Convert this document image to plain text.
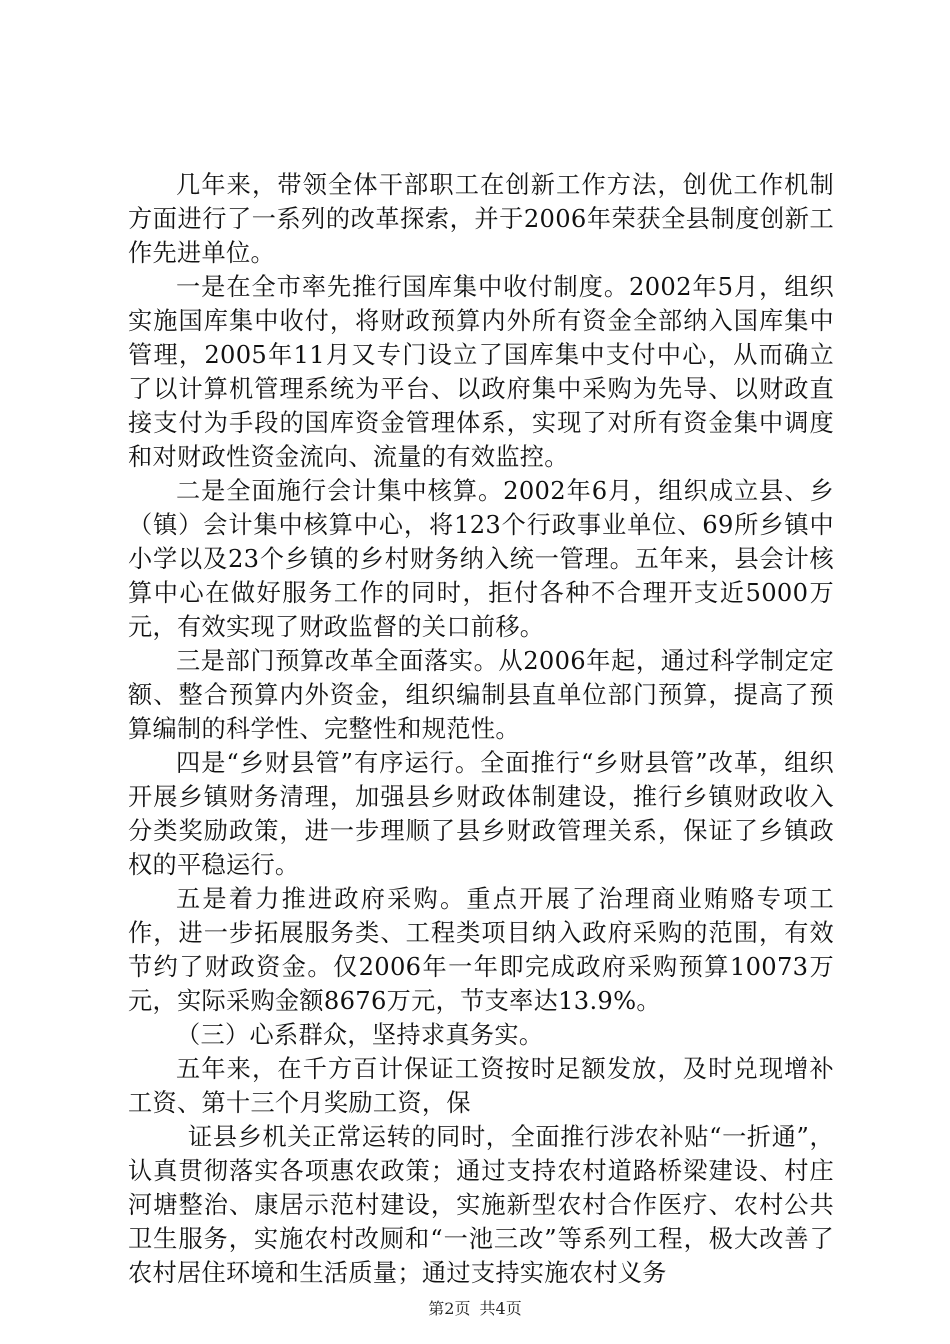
几年来，带领全体干部职工在创新工作方法，创优工作机制方面进行了一系列的改革探索，并于2006年荣获全县制度创新工作先进单位。

一是在全市率先推行国库集中收付制度。2002年5月，组织实施国库集中收付，将财政预算内外所有资金全部纳入国库集中管理，2005年11月又专门设立了国库集中支付中心，从而确立了以计算机管理系统为平台、以政府集中采购为先导、以财政直接支付为手段的国库资金管理体系，实现了对所有资金集中调度和对财政性资金流向、流量的有效监控。

二是全面施行会计集中核算。2002年6月，组织成立县、乡（镇）会计集中核算中心，将123个行政事业单位、69所乡镇中小学以及23个乡镇的乡村财务纳入统一管理。五年来，县会计核算中心在做好服务工作的同时，拒付各种不合理开支近5000万元，有效实现了财政监督的关口前移。

三是部门预算改革全面落实。从2006年起，通过科学制定定额、整合预算内外资金，组织编制县直单位部门预算，提高了预算编制的科学性、完整性和规范性。

四是“乡财县管”有序运行。全面推行“乡财县管”改革，组织开展乡镇财务清理，加强县乡财政体制建设，推行乡镇财政收入分类奖励政策，进一步理顺了县乡财政管理关系，保证了乡镇政权的平稳运行。

五是着力推进政府采购。重点开展了治理商业贿赂专项工作，进一步拓展服务类、工程类项目纳入政府采购的范围，有效节约了财政资金。仅2006年一年即完成政府采购预算10073万元，实际采购金额8676万元，节支率达13.9%。

（三）心系群众，坚持求真务实。

五年来，在千方百计保证工资按时足额发放，及时兑现增补工资、第十三个月奖励工资，保

证县乡机关正常运转的同时，全面推行涉农补贴“一折通”，认真贯彻落实各项惠农政策；通过支持农村道路桥梁建设、村庄河塘整治、康居示范村建设，实施新型农村合作医疗、农村公共卫生服务，实施农村改厕和“一池三改”等系列工程，极大改善了农村居住环境和生活质量；通过支持实施农村义务

第2页 共4页
